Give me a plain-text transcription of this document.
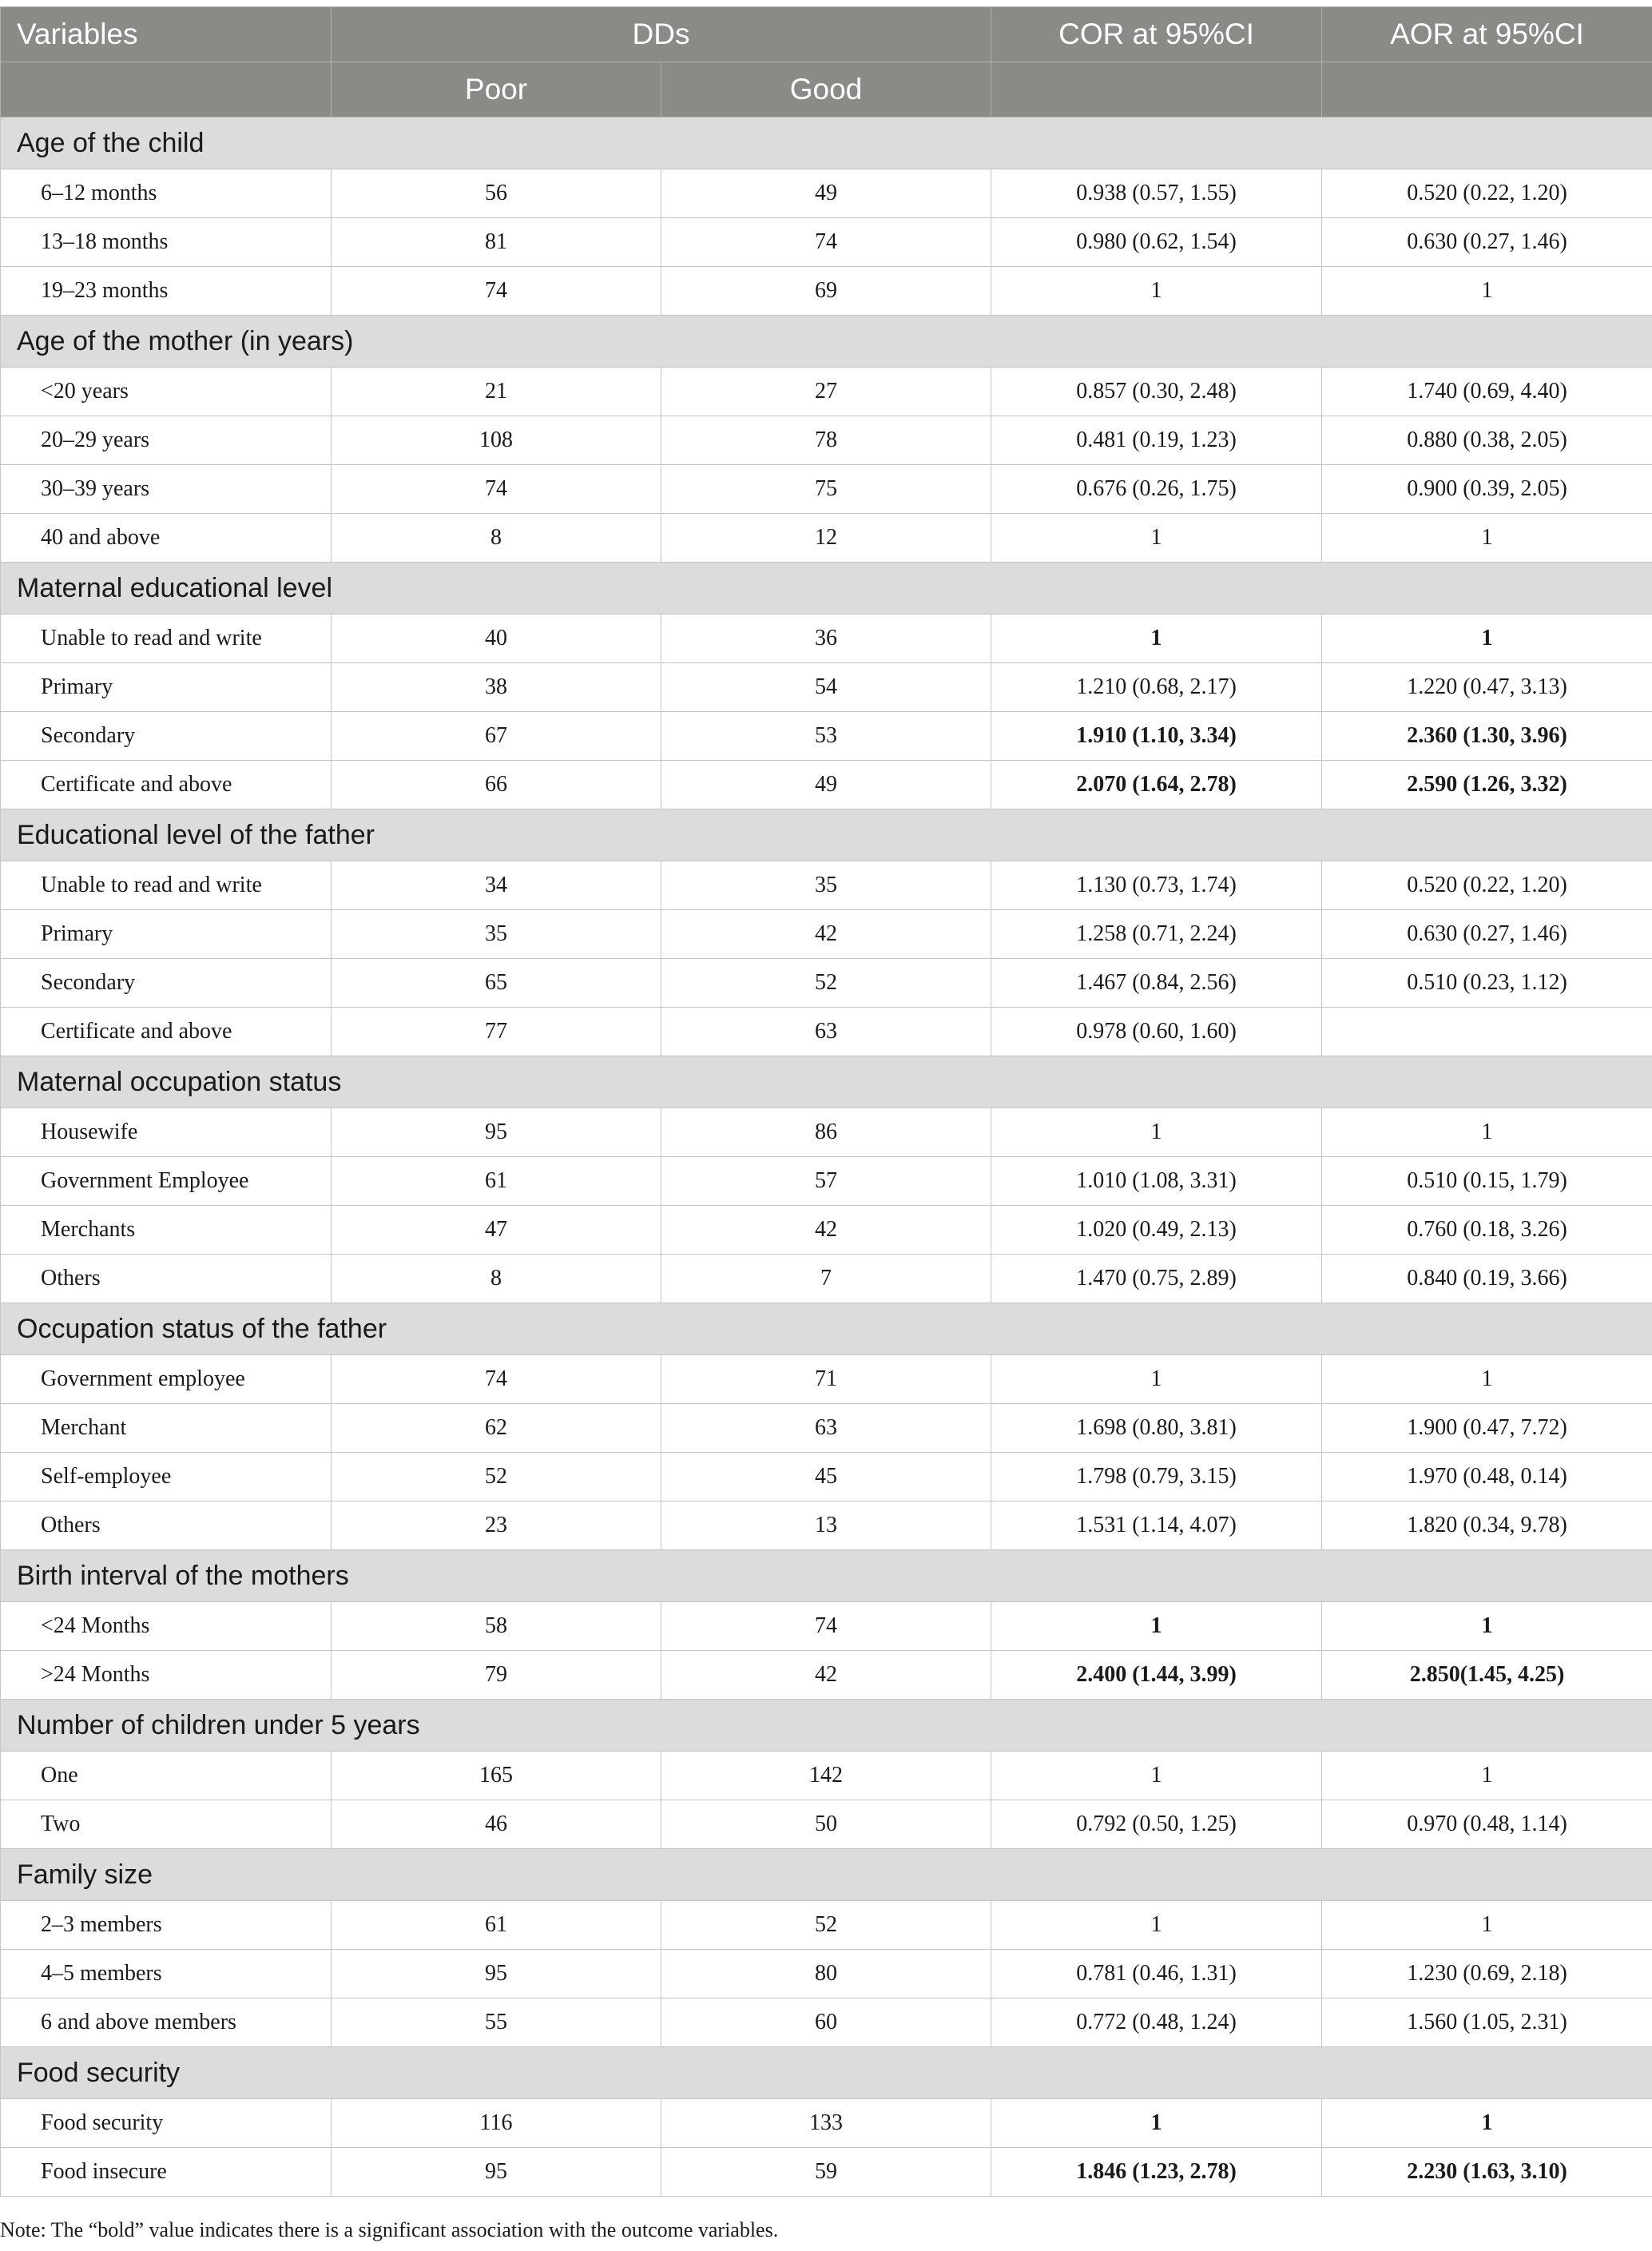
Variables	DDs		COR at 95%CI	AOR at 95%CI
	Poor	Good		
Age of the child				
6–12 months	56	49	0.938 (0.57, 1.55)	0.520 (0.22, 1.20)
13–18 months	81	74	0.980 (0.62, 1.54)	0.630 (0.27, 1.46)
19–23 months	74	69	1	1
Age of the mother (in years)				
<20 years	21	27	0.857 (0.30, 2.48)	1.740 (0.69, 4.40)
20–29 years	108	78	0.481 (0.19, 1.23)	0.880 (0.38, 2.05)
30–39 years	74	75	0.676 (0.26, 1.75)	0.900 (0.39, 2.05)
40 and above	8	12	1	1
Maternal educational level				
Unable to read and write	40	36	1	1
Primary	38	54	1.210 (0.68, 2.17)	1.220 (0.47, 3.13)
Secondary	67	53	1.910 (1.10, 3.34)	2.360 (1.30, 3.96)
Certificate and above	66	49	2.070 (1.64, 2.78)	2.590 (1.26, 3.32)
Educational level of the father				
Unable to read and write	34	35	1.130 (0.73, 1.74)	0.520 (0.22, 1.20)
Primary	35	42	1.258 (0.71, 2.24)	0.630 (0.27, 1.46)
Secondary	65	52	1.467 (0.84, 2.56)	0.510 (0.23, 1.12)
Certificate and above	77	63	0.978 (0.60, 1.60)	
Maternal occupation status				
Housewife	95	86	1	1
Government Employee	61	57	1.010 (1.08, 3.31)	0.510 (0.15, 1.79)
Merchants	47	42	1.020 (0.49, 2.13)	0.760 (0.18, 3.26)
Others	8	7	1.470 (0.75, 2.89)	0.840 (0.19, 3.66)
Occupation status of the father				
Government employee	74	71	1	1
Merchant	62	63	1.698 (0.80, 3.81)	1.900 (0.47, 7.72)
Self-employee	52	45	1.798 (0.79, 3.15)	1.970 (0.48, 0.14)
Others	23	13	1.531 (1.14, 4.07)	1.820 (0.34, 9.78)
Birth interval of the mothers				
<24 Months	58	74	1	1
>24 Months	79	42	2.400 (1.44, 3.99)	2.850(1.45, 4.25)
Number of children under 5 years				
One	165	142	1	1
Two	46	50	0.792 (0.50, 1.25)	0.970 (0.48, 1.14)
Family size				
2–3 members	61	52	1	1
4–5 members	95	80	0.781 (0.46, 1.31)	1.230 (0.69, 2.18)
6 and above members	55	60	0.772 (0.48, 1.24)	1.560 (1.05, 2.31)
Food security				
Food security	116	133	1	1
Food insecure	95	59	1.846 (1.23, 2.78)	2.230 (1.63, 3.10)
Note: The “bold” value indicates there is a significant association with the outcome variables.
